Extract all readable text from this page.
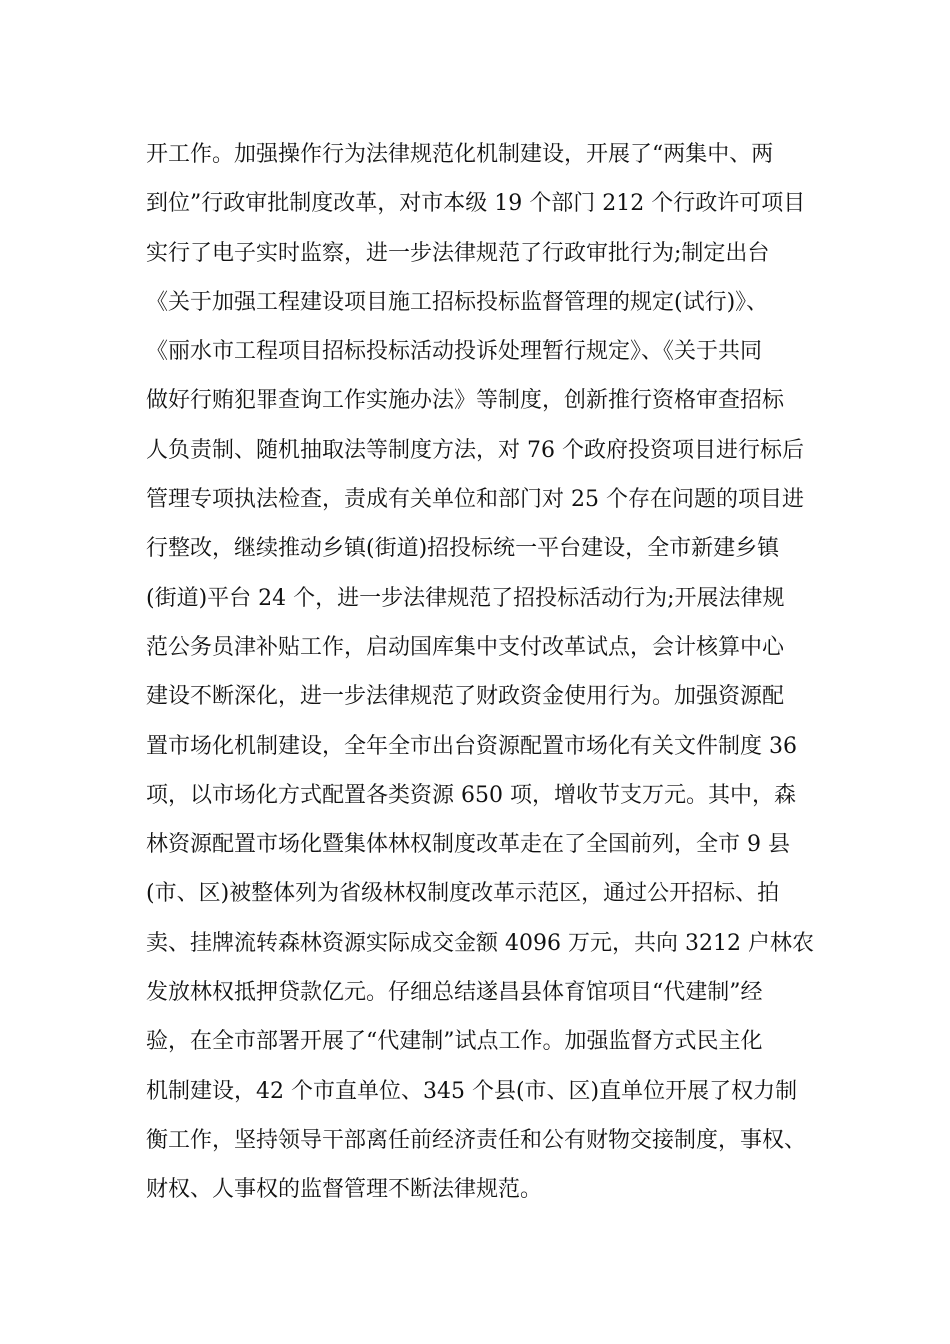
开工作。加强操作行为法律规范化机制建设，开展了“两集中、两
到位”行政审批制度改革，对市本级 19 个部门 212 个行政许可项目
实行了电子实时监察，进一步法律规范了行政审批行为;制定出台
《关于加强工程建设项目施工招标投标监督管理的规定(试行)》、
《丽水市工程项目招标投标活动投诉处理暂行规定》、《关于共同
做好行贿犯罪查询工作实施办法》等制度，创新推行资格审查招标
人负责制、随机抽取法等制度方法，对 76 个政府投资项目进行标后
管理专项执法检查，责成有关单位和部门对 25 个存在问题的项目进
行整改，继续推动乡镇(街道)招投标统一平台建设，全市新建乡镇
(街道)平台 24 个，进一步法律规范了招投标活动行为;开展法律规
范公务员津补贴工作，启动国库集中支付改革试点，会计核算中心
建设不断深化，进一步法律规范了财政资金使用行为。加强资源配
置市场化机制建设，全年全市出台资源配置市场化有关文件制度 36
项，以市场化方式配置各类资源 650 项，增收节支万元。其中，森
林资源配置市场化暨集体林权制度改革走在了全国前列，全市 9 县
(市、区)被整体列为省级林权制度改革示范区，通过公开招标、拍
卖、挂牌流转森林资源实际成交金额 4096 万元，共向 3212 户林农
发放林权抵押贷款亿元。仔细总结遂昌县体育馆项目“代建制”经
验，在全市部署开展了“代建制”试点工作。加强监督方式民主化
机制建设，42 个市直单位、345 个县(市、区)直单位开展了权力制
衡工作，坚持领导干部离任前经济责任和公有财物交接制度，事权、
财权、人事权的监督管理不断法律规范。
